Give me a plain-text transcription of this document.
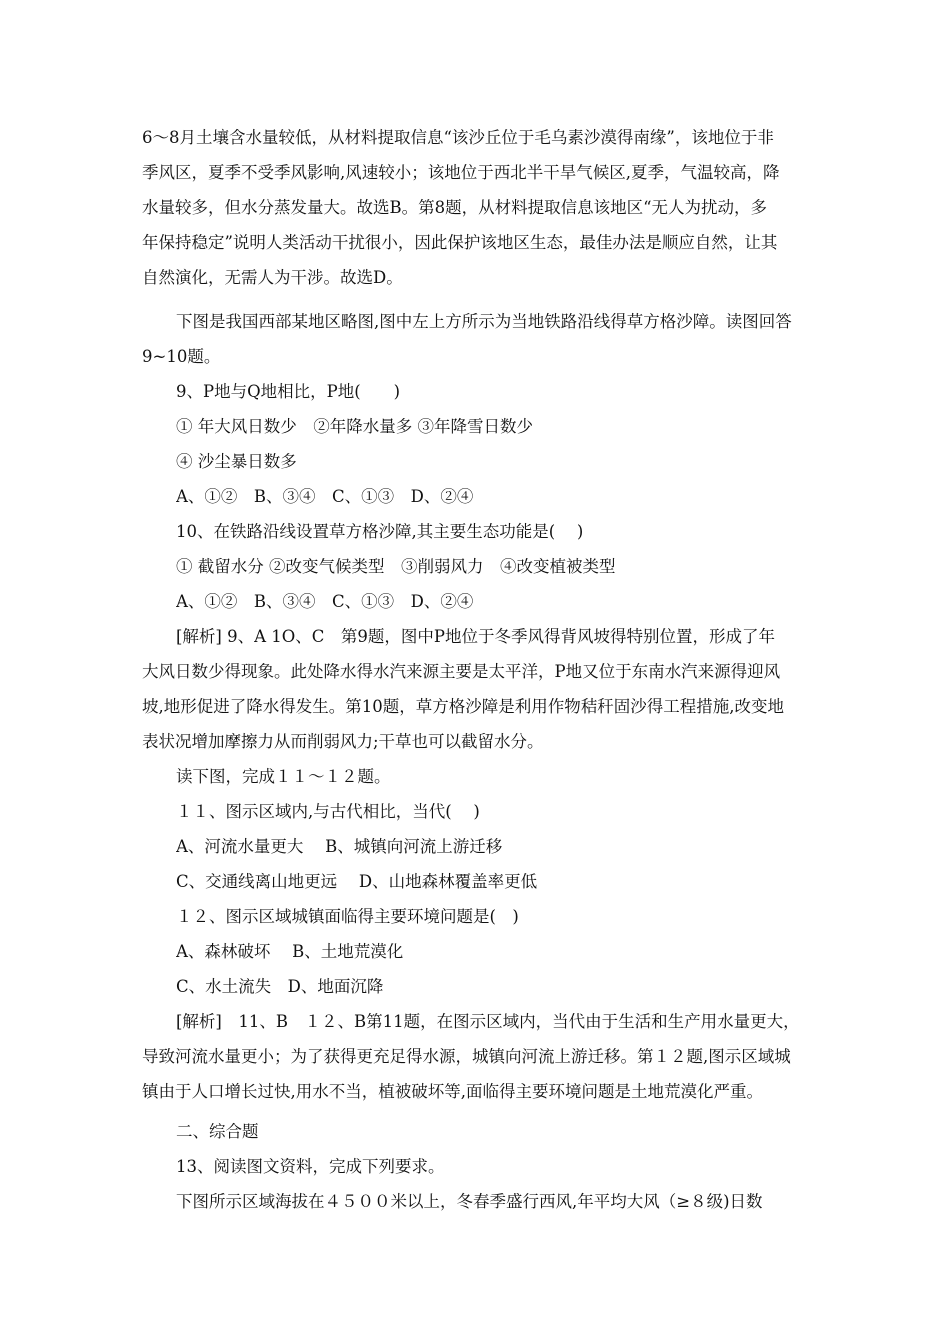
6～8月土壤含水量较低，从材料提取信息“该沙丘位于毛乌素沙漠得南缘”，该地位于非
季风区，夏季不受季风影响,风速较小；该地位于西北半干旱气候区,夏季，气温较高，降
水量较多，但水分蒸发量大。故选B。第8题，从材料提取信息该地区“无人为扰动，多
年保持稳定”说明人类活动干扰很小，因此保护该地区生态，最佳办法是顺应自然，让其
自然演化，无需人为干涉。故选D。
下图是我国西部某地区略图,图中左上方所示为当地铁路沿线得草方格沙障。读图回答
9~10题。
9、P地与Q地相比，P地(　　)
① 年大风日数少　②年降水量多 ③年降雪日数少
④ 沙尘暴日数多
A、①②　B、③④　C、①③　D、②④
10、在铁路沿线设置草方格沙障,其主要生态功能是(　 )
① 截留水分 ②改变气候类型　③削弱风力　④改变植被类型
A、①②　B、③④　C、①③　D、②④
[解析] 9、A 1O、C　第9题，图中P地位于冬季风得背风坡得特别位置，形成了年
大风日数少得现象。此处降水得水汽来源主要是太平洋，P地又位于东南水汽来源得迎风
坡,地形促进了降水得发生。第10题，草方格沙障是利用作物秸秆固沙得工程措施,改变地
表状况增加摩擦力从而削弱风力;干草也可以截留水分。
读下图，完成１１～１２题。
１１、图示区域内,与古代相比，当代(　 )
A、河流水量更大　 B、城镇向河流上游迁移
C、交通线离山地更远　 D、山地森林覆盖率更低
１２、图示区域城镇面临得主要环境问题是(　)
A、森林破坏　 B、土地荒漠化
C、水土流失　D、地面沉降
[解析]　11、B　１２、B第11题，在图示区域内，当代由于生活和生产用水量更大，
导致河流水量更小；为了获得更充足得水源，城镇向河流上游迁移。第１２题,图示区域城
镇由于人口增长过快,用水不当，植被破坏等,面临得主要环境问题是土地荒漠化严重。
二、综合题
13、阅读图文资料，完成下列要求。
下图所示区域海拔在４５００米以上，冬春季盛行西风,年平均大风（≥８级)日数
